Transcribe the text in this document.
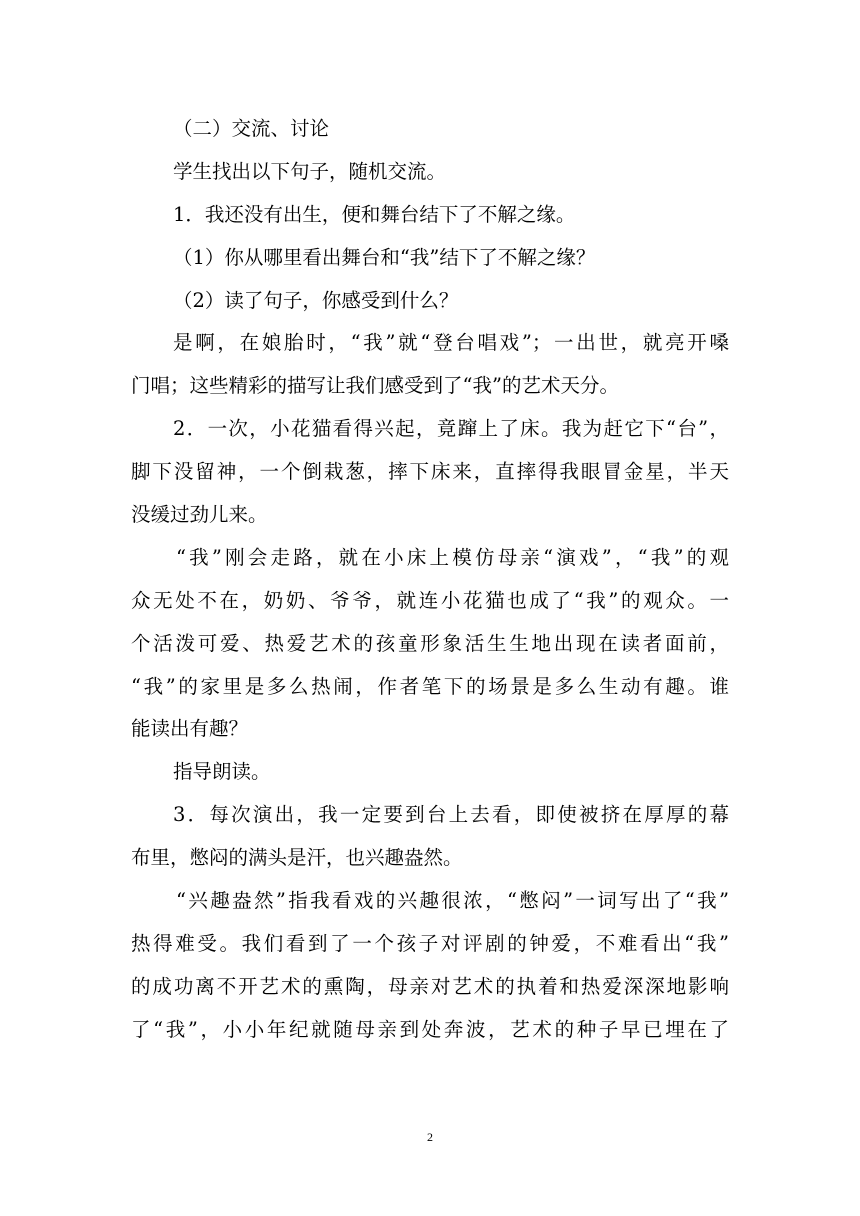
（二）交流、讨论
学生找出以下句子，随机交流。
1．我还没有出生，便和舞台结下了不解之缘。
（1）你从哪里看出舞台和“我”结下了不解之缘？
（2）读了句子，你感受到什么？
是啊，在娘胎时，“我”就“登台唱戏”；一出世，就亮开嗓
门唱；这些精彩的描写让我们感受到了“我”的艺术天分。
2．一次，小花猫看得兴起，竟蹿上了床。我为赶它下“台”，
脚下没留神，一个倒栽葱，摔下床来，直摔得我眼冒金星，半天
没缓过劲儿来。
“我”刚会走路，就在小床上模仿母亲“演戏”，“我”的观
众无处不在，奶奶、爷爷，就连小花猫也成了“我”的观众。一
个活泼可爱、热爱艺术的孩童形象活生生地出现在读者面前，
“我”的家里是多么热闹，作者笔下的场景是多么生动有趣。谁
能读出有趣？
指导朗读。
3．每次演出，我一定要到台上去看，即使被挤在厚厚的幕
布里，憋闷的满头是汗，也兴趣盎然。
“兴趣盎然”指我看戏的兴趣很浓，“憋闷”一词写出了“我”
热得难受。我们看到了一个孩子对评剧的钟爱，不难看出“我”
的成功离不开艺术的熏陶，母亲对艺术的执着和热爱深深地影响
了“我”，小小年纪就随母亲到处奔波，艺术的种子早已埋在了
2
